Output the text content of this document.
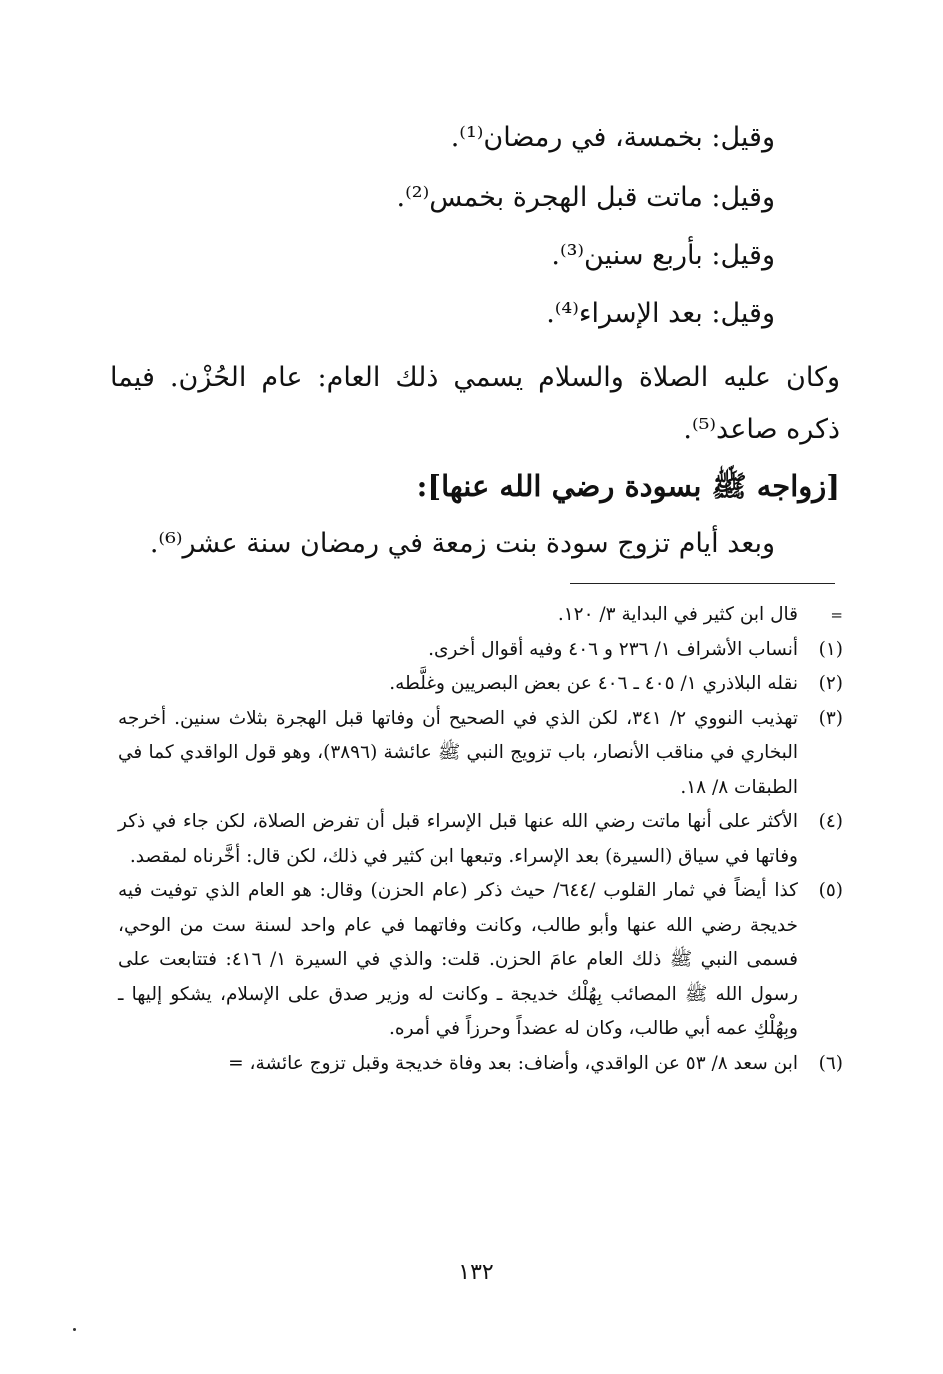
وقيل: بخمسة، في رمضان⁽¹⁾.
وقيل: ماتت قبل الهجرة بخمس⁽²⁾.
وقيل: بأربع سنين⁽³⁾.
وقيل: بعد الإسراء⁽⁴⁾.
وكان عليه الصلاة والسلام يسمي ذلك العام: عام الحُزْن. فيما ذكره صاعد⁽⁵⁾.
[زواجه ﷺ بسودة رضي الله عنها]:
وبعد أيام تزوج سودة بنت زمعة في رمضان سنة عشر⁽⁶⁾.
=
قال ابن كثير في البداية ٣/ ١٢٠.
(١)
أنساب الأشراف ١/ ٢٣٦ و ٤٠٦ وفيه أقوال أخرى.
(٢)
نقله البلاذري ١/ ٤٠٥ ـ ٤٠٦ عن بعض البصريين وغلَّطه.
(٣)
تهذيب النووي ٢/ ٣٤١، لكن الذي في الصحيح أن وفاتها قبل الهجرة بثلاث سنين. أخرجه البخاري في مناقب الأنصار، باب تزويج النبي ﷺ عائشة (٣٨٩٦)، وهو قول الواقدي كما في الطبقات ٨/ ١٨.
(٤)
الأكثر على أنها ماتت رضي الله عنها قبل الإسراء قبل أن تفرض الصلاة، لكن جاء في ذكر وفاتها في سياق (السيرة) بعد الإسراء. وتبعها ابن كثير في ذلك، لكن قال: أخَّرناه لمقصد.
(٥)
كذا أيضاً في ثمار القلوب /٦٤٤/ حيث ذكر (عام الحزن) وقال: هو العام الذي توفيت فيه خديجة رضي الله عنها وأبو طالب، وكانت وفاتهما في عام واحد لسنة ست من الوحي، فسمى النبي ﷺ ذلك العام عامَ الحزن. قلت: والذي في السيرة ١/ ٤١٦: فتتابعت على رسول الله ﷺ المصائب بِهُلْك خديجة ـ وكانت له وزير صدق على الإسلام، يشكو إليها ـ وبِهُلْكِ عمه أبي طالب، وكان له عضداً وحرزاً في أمره.
(٦)
ابن سعد ٨/ ٥٣ عن الواقدي، وأضاف: بعد وفاة خديجة وقبل تزوج عائشة، =
١٣٢
